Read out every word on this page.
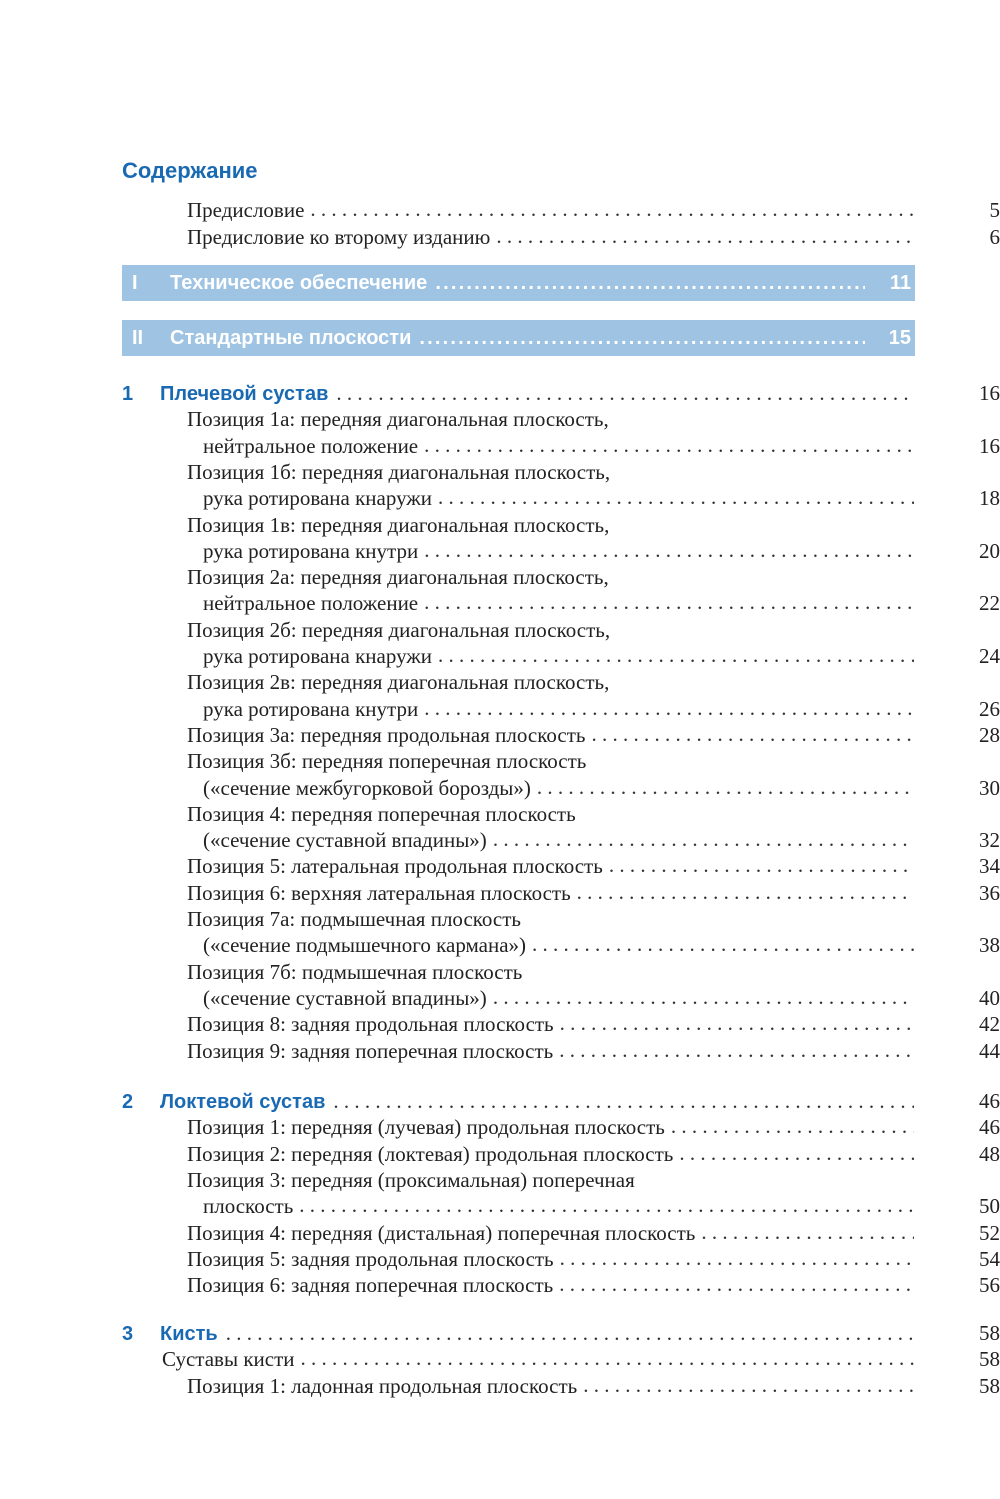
Содержание
Предисловие . . .	5
Предисловие ко второму изданию . . .	6
I Техническое обеспечение .....	11
II Стандартные плоскости .....	15
1	Плечевой сустав . . .	16
Позиция 1а: передняя диагональная плоскость,
нейтральное положение . . .	16
Позиция 1б: передняя диагональная плоскость,
рука ротирована кнаружи . . .	18
Позиция 1в: передняя диагональная плоскость,
рука ротирована кнутри . . .	20
Позиция 2а: передняя диагональная плоскость,
нейтральное положение . . .	22
Позиция 2б: передняя диагональная плоскость,
рука ротирована кнаружи . . .	24
Позиция 2в: передняя диагональная плоскость,
рука ротирована кнутри . . .	26
Позиция 3а: передняя продольная плоскость . . .	28
Позиция 3б: передняя поперечная плоскость
(«сечение межбугорковой борозды») . . .	30
Позиция 4: передняя поперечная плоскость
(«сечение суставной впадины») . . .	32
Позиция 5: латеральная продольная плоскость . . .	34
Позиция 6: верхняя латеральная плоскость . . .	36
Позиция 7а: подмышечная плоскость
(«сечение подмышечного кармана») . . .	38
Позиция 7б: подмышечная плоскость
(«сечение суставной впадины») . . .	40
Позиция 8: задняя продольная плоскость . . .	42
Позиция 9: задняя поперечная плоскость . . .	44
2	Локтевой сустав . . .	46
Позиция 1: передняя (лучевая) продольная плоскость . . .	46
Позиция 2: передняя (локтевая) продольная плоскость . . .	48
Позиция 3: передняя (проксимальная) поперечная
плоскость . . .	50
Позиция 4: передняя (дистальная) поперечная плоскость . . .	52
Позиция 5: задняя продольная плоскость . . .	54
Позиция 6: задняя поперечная плоскость . . .	56
3	Кисть . . .	58
Суставы кисти . . .	58
Позиция 1: ладонная продольная плоскость . . .	58
